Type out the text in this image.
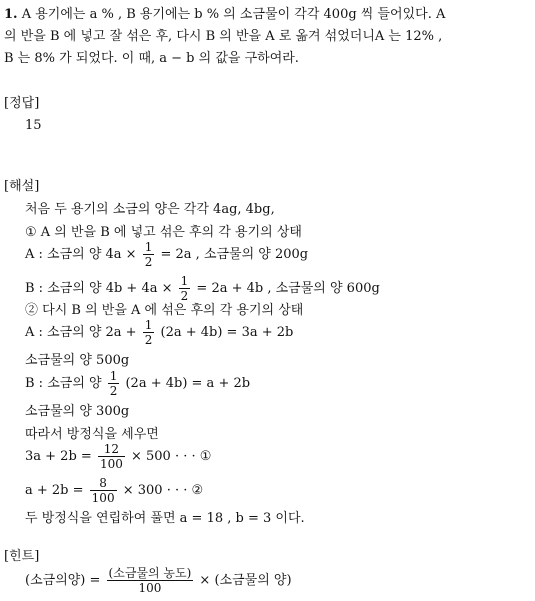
1. A 용기에는 a % , B 용기에는 b % 의 소금물이 각각 400g 씩 들어있다. A
의 반을 B 에 넣고 잘 섞은 후, 다시 B 의 반을 A 로 옮겨 섞었더니A 는 12% ,
B 는 8% 가 되었다. 이 때, a − b 의 값을 구하여라.
[정답]
15
[해설]
처음 두 용기의 소금의 양은 각각 4ag, 4bg,
① A 의 반을 B 에 넣고 섞은 후의 각 용기의 상태
A : 소금의 양 $4a \times \frac{1}{2} = 2a$ , 소금물의 양 200g
B : 소금의 양 $4b + 4a \times \frac{1}{2} = 2a + 4b$ , 소금물의 양 600g
② 다시 B 의 반을 A 에 섞은 후의 각 용기의 상태
A : 소금의 양 $2a + \frac{1}{2} (2a + 4b) = 3a + 2b$
소금물의 양 500g
B : 소금의 양 $\frac{1}{2} (2a + 4b) = a + 2b$
소금물의 양 300g
따라서 방정식을 세우면
$3a + 2b = \frac{12}{100} \times 500$ · · · ①
$a + 2b = \frac{8}{100} \times 300$ · · · ②
두 방정식을 연립하여 풀면 a = 18 , b = 3 이다.
[힌트]
(소금의양) = $\frac{\text{(소금물의 농도)}}{100}$ × (소금물의 양)
